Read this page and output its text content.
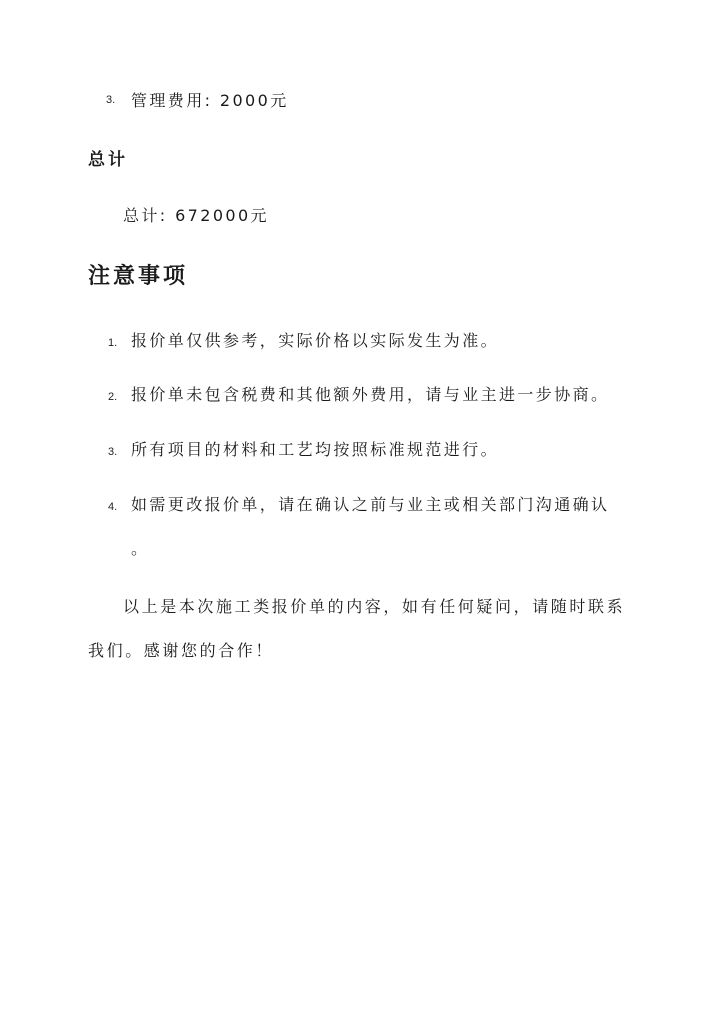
3. 管理费用: 2000元
总计
总计: 672000元
注意事项
1. 报价单仅供参考，实际价格以实际发生为准。
2. 报价单未包含税费和其他额外费用，请与业主进一步协商。
3. 所有项目的材料和工艺均按照标准规范进行。
4. 如需更改报价单，请在确认之前与业主或相关部门沟通确认
。
以上是本次施工类报价单的内容，如有任何疑问，请随时联系
我们。感谢您的合作！
